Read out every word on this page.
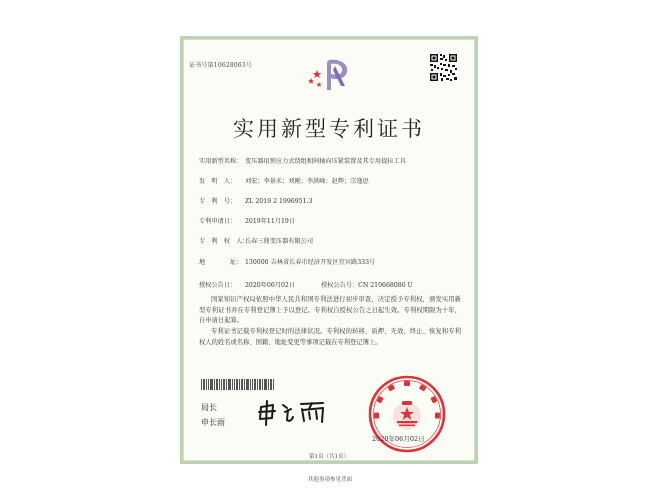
证书号第10628063号
实用新型专利证书
实用新型名称： 变压器用预应力式绕组相间轴向压紧装置及其专用提拉工具
发　明　人： 刘宏；李景禾；刘刚；李洪峰；赵辉；宗逸思
专　利　号： ZL 2019 2 1996951.3
专利申请日： 2019年11月19日
专　利　权　人：长春三鼎变压器有限公司
地　　　　址： 130000 吉林省长春市经济开发区宜宾路333号
授权公告日： 2020年06月02日	授权公告号：CN 210668086 U
国家知识产权局依照中华人民共和国专利法进行初步审查，决定授予专利权，颁发实用新型专利证书并在专利登记簿上予以登记。专利权自授权公告之日起生效。专利权期限为十年，自申请日起算。
专利证书记载专利权登记时的法律状况。专利权的转移、质押、无效、终止、恢复和专利权人的姓名或名称、国籍、地址变更等事项记载在专利登记簿上。
局长
申长雨
2020年06月02日
第1页（共1页）
其他事项参见背面
